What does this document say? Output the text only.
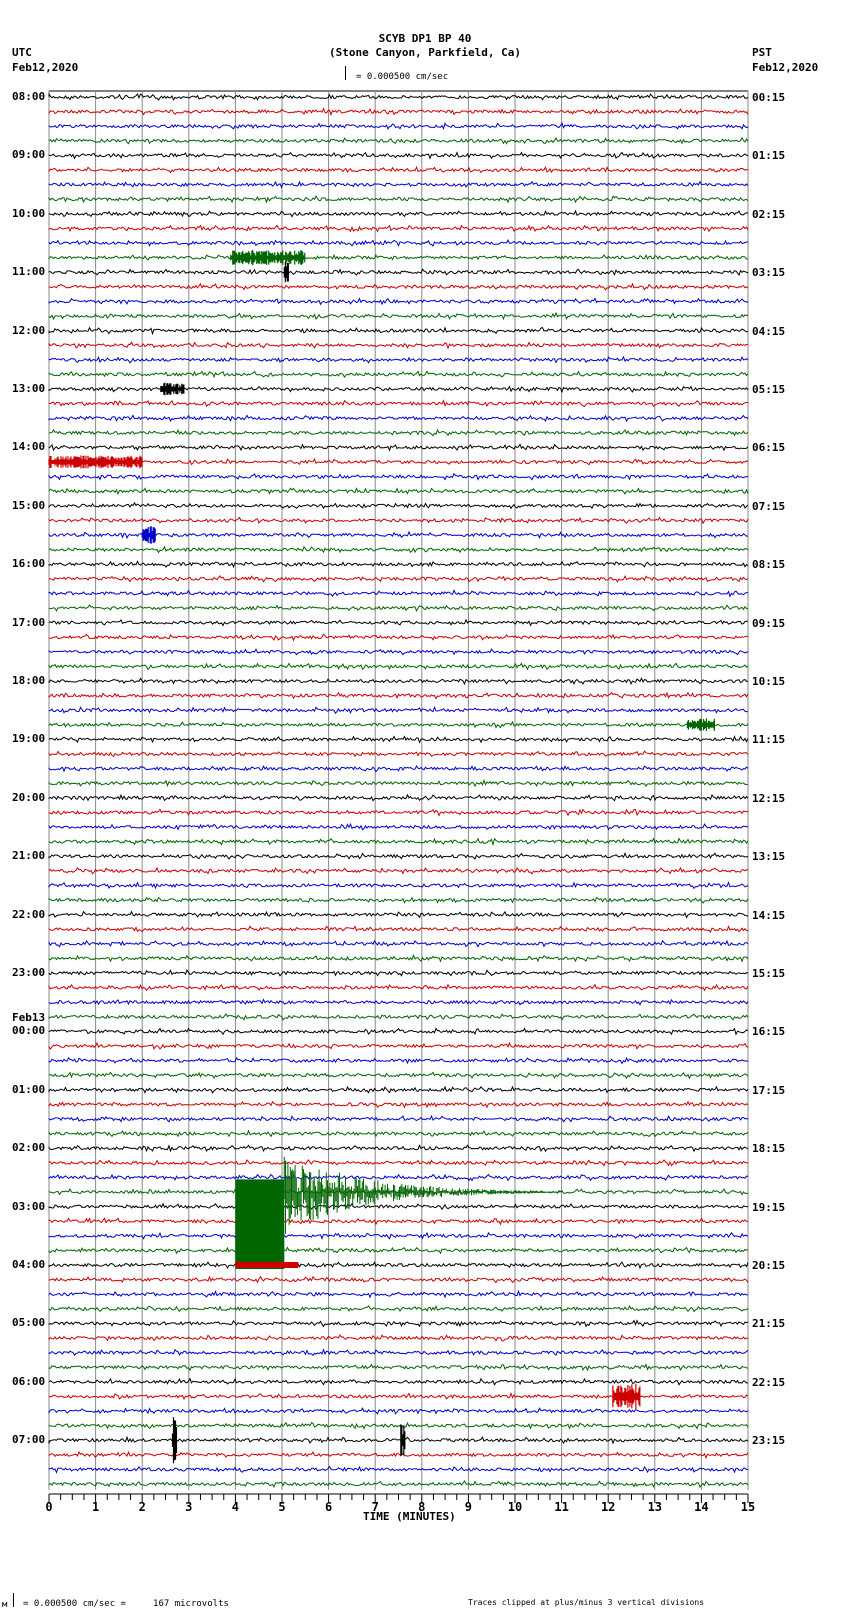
SCYB DP1 BP 40
(Stone Canyon, Parkfield, Ca)
UTC
Feb12,2020
PST
Feb12,2020
= 0.000500 cm/sec
08:00
09:00
10:00
11:00
12:00
13:00
14:00
15:00
16:00
17:00
18:00
19:00
20:00
21:00
22:00
23:00
Feb13
00:00
01:00
02:00
03:00
04:00
05:00
06:00
07:00
00:15
01:15
02:15
03:15
04:15
05:15
06:15
07:15
08:15
09:15
10:15
11:15
12:15
13:15
14:15
15:15
16:15
17:15
18:15
19:15
20:15
21:15
22:15
23:15
0	1	2	3	4	5	6	7	8	9	10	11	12	13	14	15
TIME (MINUTES)
м = 0.000500 cm/sec =     167 microvolts	Traces clipped at plus/minus 3 vertical divisions
